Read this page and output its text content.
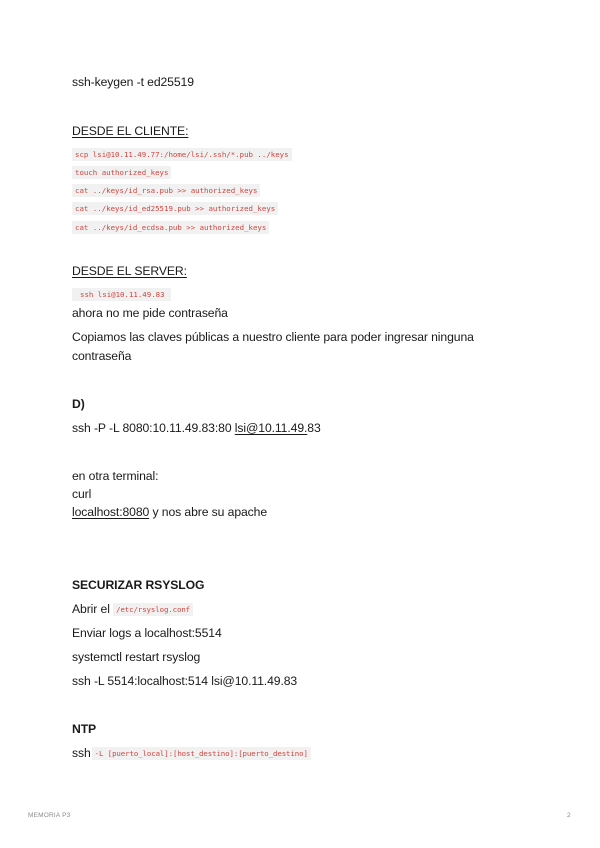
ssh-keygen -t ed25519
DESDE EL CLIENTE:
scp lsi@10.11.49.77:/home/lsi/.ssh/*.pub ../keys
touch authorized_keys
cat ../keys/id_rsa.pub >> authorized_keys
cat ../keys/id_ed25519.pub >> authorized_keys
cat ../keys/id_ecdsa.pub >> authorized_keys
DESDE EL SERVER:
ssh lsi@10.11.49.83
ahora no me pide contraseña
Copiamos las claves públicas a nuestro cliente para poder ingresar ninguna
contraseña
D)
ssh -P -L 8080:10.11.49.83:80 lsi@10.11.49.83
en otra terminal:
curl
localhost:8080 y nos abre su apache
SECURIZAR RSYSLOG
Abrir el /etc/rsyslog.conf
Enviar logs a localhost:5514
systemctl restart rsyslog
ssh -L 5514:localhost:514 lsi@10.11.49.83
NTP
ssh -L [puerto_local]:[host_destino]:[puerto_destino]
MEMORIA P3	2
